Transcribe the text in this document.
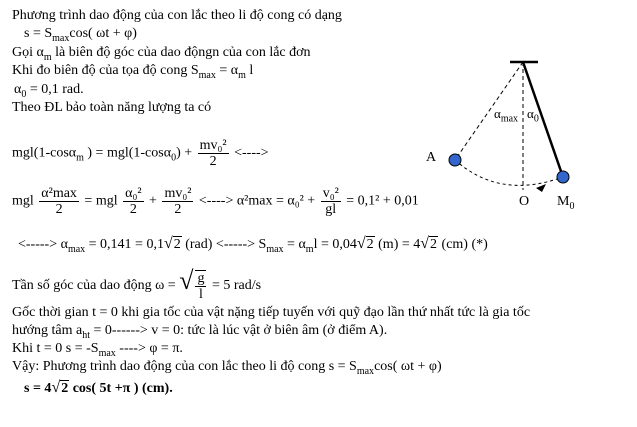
Phương trình dao động của con lắc theo li độ cong có dạng
$s = S_{max}\cos$( ωt + φ)
Gọi $\alpha_m$ là biên độ góc của dao độngn của con lắc đơn
Khi đo biên độ của tọa độ cong $S_{max} = \alpha_m$ l
$\alpha_0 = 0,1$ rad.
Theo ĐL bảo toàn năng lượng ta có
mgl(1-cosα$_m$ ) = $mgl(1-\cos\alpha_0) + \frac{\text{mv₀²}}{2}$ <---->
mgl $\frac{\text{α²max}}{2}$ = mgl $\frac{\text{α₀²}}{2} + \frac{\text{mv₀²}}{2}$ <----> $\alpha^2\max = \alpha_0^2 + \frac{\text{v₀²}}{gl} = 0,1^2 + 0,01$
<-----> $\alpha_{max} = 0,141 = 0,1√2$ (rad) <-----> $S_{max} = \alpha_ml = 0,04√2$ (m) = 4√2 (cm) (*)
Tần số góc của dao động ω = √ $\frac{g}{l} = 5$ rad/s
Gốc thời gian t = 0 khi gia tốc của vật nặng tiếp tuyến với quỹ đạo lần thứ nhất tức là gia tốc
hướng tâm $a_{ht} = 0------> v = 0$: tức là lúc vật ở biên âm (ở điểm A).
Khi t = 0 $s = -S_{max}$ ----> φ = π.
Vậy: Phương trình dao động của con lắc theo li độ cong $s = S_{max}\cos$( ωt + φ)
s = 4√2 cos( 5t +π ) (cm).
$\alpha_{max}$ $\alpha_0$
A
O $M_0$
